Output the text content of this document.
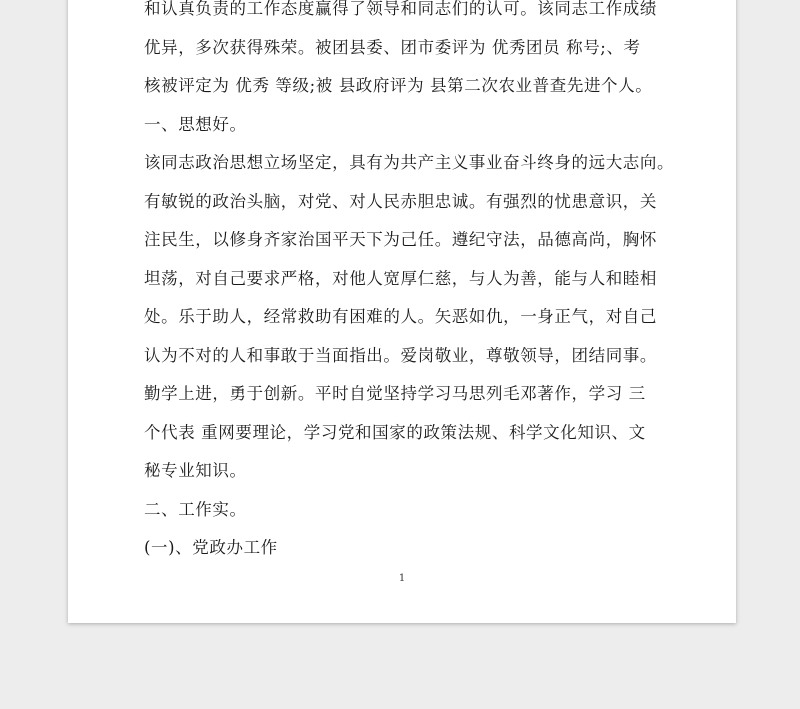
和认真负责的工作态度赢得了领导和同志们的认可。该同志工作成绩
优异，多次获得殊荣。被团县委、团市委评为 优秀团员 称号;、考
核被评定为 优秀 等级;被 县政府评为 县第二次农业普查先进个人。
一、思想好。
该同志政治思想立场坚定，具有为共产主义事业奋斗终身的远大志向。
有敏锐的政治头脑，对党、对人民赤胆忠诚。有强烈的忧患意识，关
注民生，以修身齐家治国平天下为己任。遵纪守法，品德高尚，胸怀
坦荡，对自己要求严格，对他人宽厚仁慈，与人为善，能与人和睦相
处。乐于助人，经常救助有困难的人。矢恶如仇，一身正气，对自己
认为不对的人和事敢于当面指出。爱岗敬业，尊敬领导，团结同事。
勤学上进，勇于创新。平时自觉坚持学习马思列毛邓著作，学习 三
个代表 重网要理论，学习党和国家的政策法规、科学文化知识、文
秘专业知识。
二、工作实。
(一)、党政办工作
1
